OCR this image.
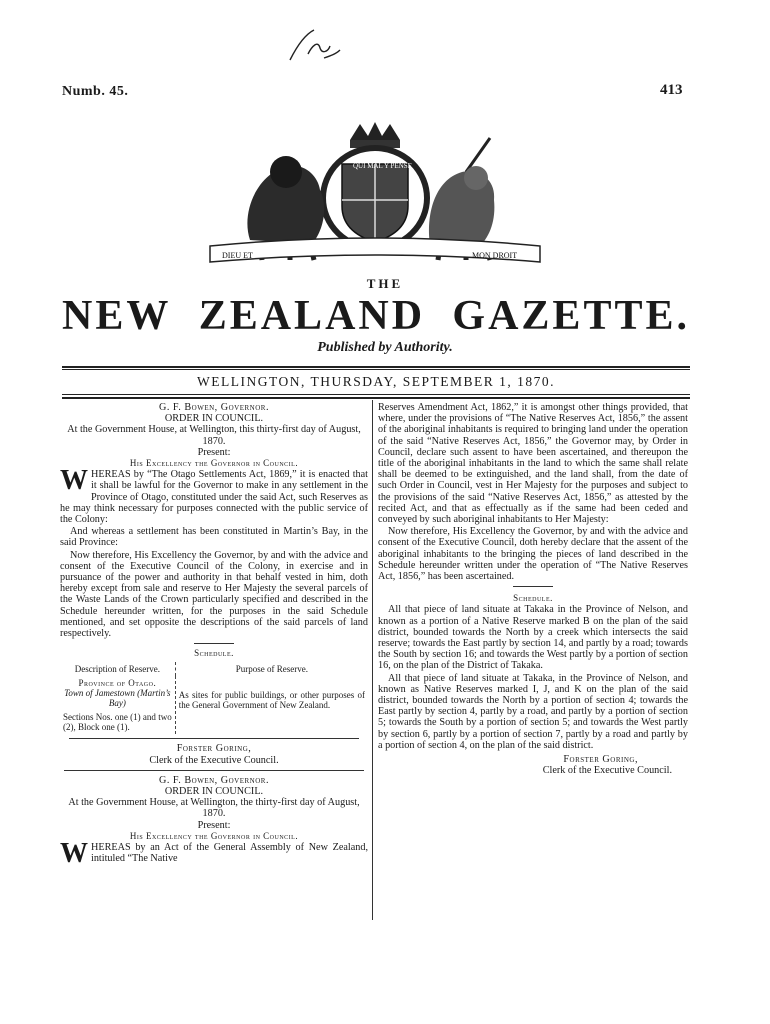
Numb. 45.	413
QUI MAL Y PENSE
DIEU ET	MON DROIT
THE
NEW ZEALAND GAZETTE.
Published by Authority.
WELLINGTON, THURSDAY, SEPTEMBER 1, 1870.
G. F. Bowen, Governor.
ORDER IN COUNCIL.
At the Government House, at Wellington, this thirty-first day of August, 1870.
Present:
His Excellency the Governor in Council.
WHEREAS by “The Otago Settlements Act, 1869,” it is enacted that it shall be lawful for the Governor to make in any settlement in the Province of Otago, constituted under the said Act, such Reserves as he may think necessary for purposes connected with the public service of the Colony:
And whereas a settlement has been constituted in Martin’s Bay, in the said Province:
Now therefore, His Excellency the Governor, by and with the advice and consent of the Executive Council of the Colony, in exercise and in pursuance of the power and authority in that behalf vested in him, doth hereby except from sale and reserve to Her Majesty the several parcels of the Waste Lands of the Crown particularly specified and described in the Schedule hereunder written, for the purposes in the said Schedule mentioned, and set opposite the descriptions of the said parcels of land respectively.
Schedule.
Description of Reserve.	Purpose of Reserve.

Province of Otago.
Town of Jamestown (Martin’s Bay)
Sections Nos. one (1) and two (2), Block one (1).	As sites for public buildings, or other purposes of the General Government of New Zealand.
Forster Goring,
Clerk of the Executive Council.
G. F. Bowen, Governor.
ORDER IN COUNCIL.
At the Government House, at Wellington, the thirty-first day of August, 1870.
Present:
His Excellency the Governor in Council.
WHEREAS by an Act of the General Assembly of New Zealand, intituled “The Native
Reserves Amendment Act, 1862,” it is amongst other things provided, that where, under the provisions of “The Native Reserves Act, 1856,” the assent of the aboriginal inhabitants is required to bringing land under the operation of the said “Native Reserves Act, 1856,” the Governor may, by Order in Council, declare such assent to have been ascertained, and thereupon the title of the aboriginal inhabitants in the land to which the same shall relate shall be deemed to be extinguished, and the land shall, from the date of such Order in Council, vest in Her Majesty for the purposes and subject to the provisions of the said “Native Reserves Act, 1856,” as attested by the recited Act, and that as effectually as if the same had been ceded and conveyed by such aboriginal inhabitants to Her Majesty:
Now therefore, His Excellency the Governor, by and with the advice and consent of the Executive Council, doth hereby declare that the assent of the aboriginal inhabitants to the bringing the pieces of land described in the Schedule hereunder written under the operation of “The Native Reserves Act, 1856,” has been ascertained.
Schedule.
All that piece of land situate at Takaka in the Province of Nelson, and known as a portion of a Native Reserve marked B on the plan of the said district, bounded towards the North by a creek which intersects the said reserve; towards the East partly by section 14, and partly by a road; towards the South by section 16; and towards the West partly by a portion of section 16, on the plan of the District of Takaka.
All that piece of land situate at Takaka, in the Province of Nelson, and known as Native Reserves marked I, J, and K on the plan of the said district, bounded towards the North by a portion of section 4; towards the East partly by section 4, partly by a road, and partly by a portion of section 5; towards the South by a portion of section 5; and towards the West partly by section 6, partly by a portion of section 7, partly by a road and partly by a portion of section 4, on the plan of the said district.
Forster Goring,
Clerk of the Executive Council.
